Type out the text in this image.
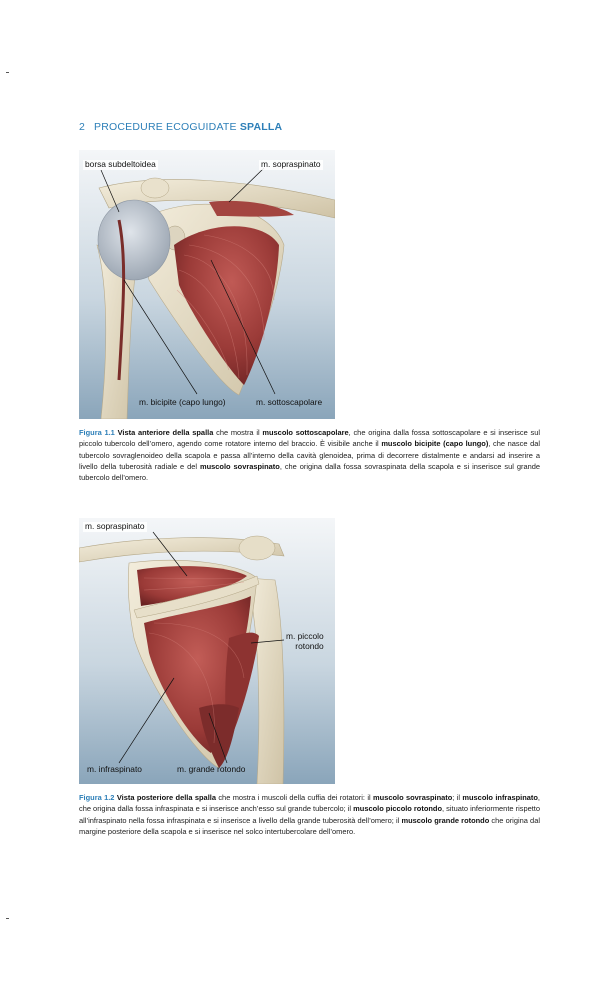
2 PROCEDURE ECOGUIDATE SPALLA
borsa subdeltoidea	m. sopraspinato
m. bicipite (capo lungo)	m. sottoscapolare
Figura 1.1 Vista anteriore della spalla che mostra il muscolo sottoscapolare, che origina dalla fossa sottoscapolare e si inserisce sul piccolo tubercolo dell’omero, agendo come rotatore interno del braccio. È visibile anche il muscolo bicipite (capo lungo), che nasce dal tubercolo sovraglenoideo della scapola e passa all’interno della cavità glenoidea, prima di decorrere distalmente e andarsi ad inserire a livello della tuberosità radiale e del muscolo sovraspinato, che origina dalla fossa sovraspinata della scapola e si inserisce sul grande tubercolo dell’omero.
m. sopraspinato
m. piccolo
rotondo
m. infraspinato	m. grande rotondo
Figura 1.2 Vista posteriore della spalla che mostra i muscoli della cuffia dei rotatori: il muscolo sovraspinato; il muscolo infraspinato, che origina dalla fossa infraspinata e si inserisce anch’esso sul grande tubercolo; il muscolo piccolo rotondo, situato inferiormente rispetto all’infraspinato nella fossa infraspinata e si inserisce a livello della grande tuberosità dell’omero; il muscolo grande rotondo che origina dal margine posteriore della scapola e si inserisce nel solco intertubercolare dell’omero.
